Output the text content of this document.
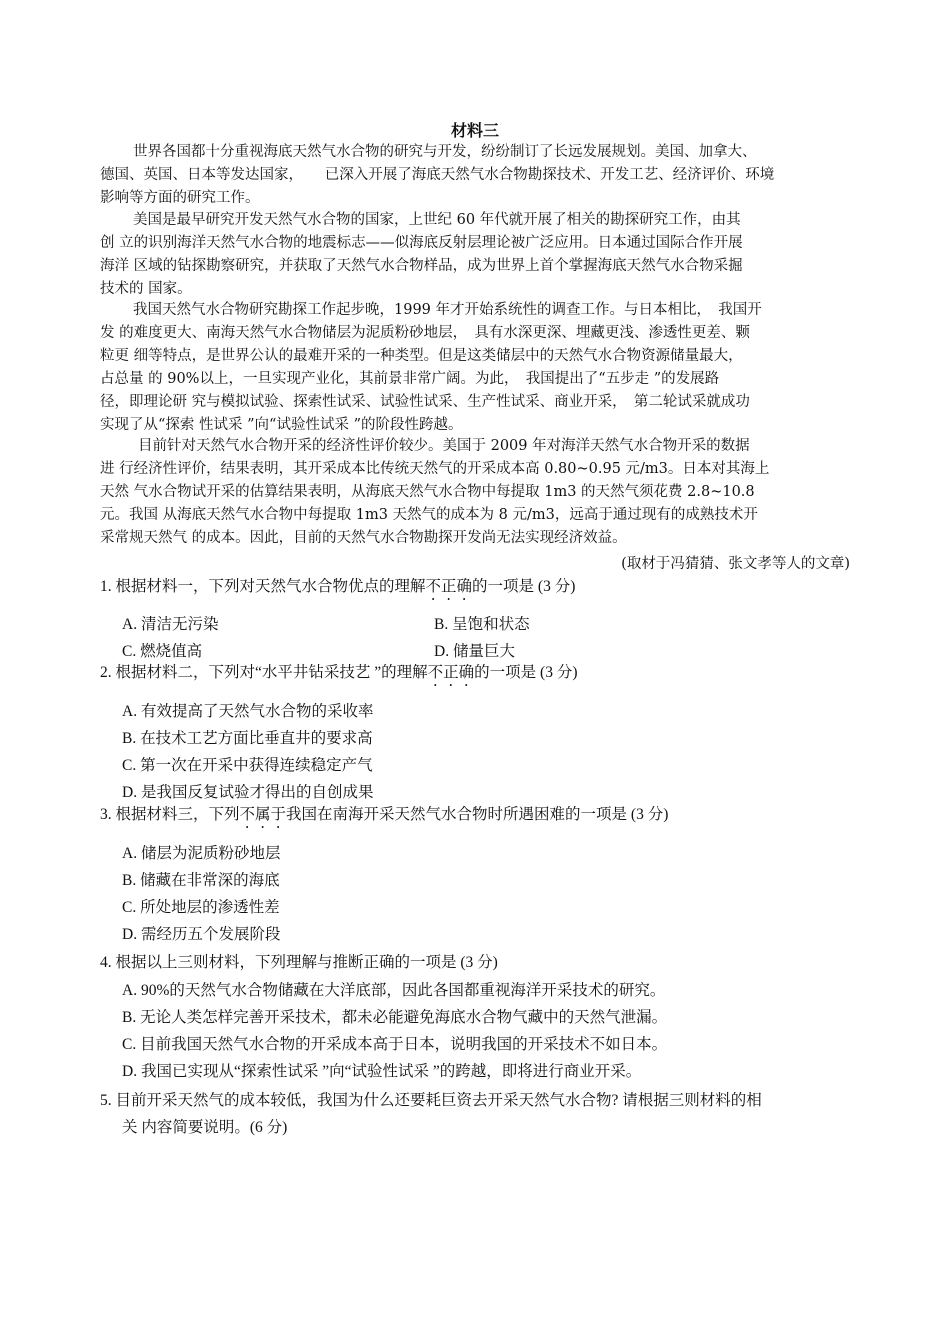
材料三
世界各国都十分重视海底天然气水合物的研究与开发，纷纷制订了长远发展规划。美国、加拿大、
德国、英国、日本等发达国家，　　已深入开展了海底天然气水合物勘探技术、开发工艺、经济评价、环境
影响等方面的研究工作。
美国是最早研究开发天然气水合物的国家，上世纪 60 年代就开展了相关的勘探研究工作，由其
创 立的识别海洋天然气水合物的地震标志——似海底反射层理论被广泛应用。日本通过国际合作开展
海洋 区域的钻探勘察研究，并获取了天然气水合物样品，成为世界上首个掌握海底天然气水合物采掘
技术的 国家。
我国天然气水合物研究勘探工作起步晚，1999 年才开始系统性的调查工作。与日本相比，　我国开
发 的难度更大、南海天然气水合物储层为泥质粉砂地层，　具有水深更深、埋藏更浅、渗透性更差、颗
粒更 细等特点，是世界公认的最难开采的一种类型。但是这类储层中的天然气水合物资源储量最大，
占总量 的 90%以上，一旦实现产业化，其前景非常广阔。为此，　我国提出了“五步走 ”的发展路
径，即理论研 究与模拟试验、探索性试采、试验性试采、生产性试采、商业开采，　第二轮试采就成功
实现了从“探索 性试采 ”向“试验性试采 ”的阶段性跨越。
目前针对天然气水合物开采的经济性评价较少。美国于 2009 年对海洋天然气水合物开采的数据
进 行经济性评价，结果表明，其开采成本比传统天然气的开采成本高 0.80~0.95 元/m3。日本对其海上
天然 气水合物试开采的估算结果表明，从海底天然气水合物中每提取 1m3 的天然气须花费 2.8~10.8
元。我国 从海底天然气水合物中每提取 1m3 天然气的成本为 8 元/m3，远高于通过现有的成熟技术开
采常规天然气 的成本。因此，目前的天然气水合物勘探开发尚无法实现经济效益。
(取材于冯猜猜、张文孝等人的文章)
1. 根据材料一，下列对天然气水合物优点的理解不正确的一项是 (3 分)
A. 清洁无污染	B. 呈饱和状态
C. 燃烧值高	D. 储量巨大
2. 根据材料二，下列对“水平井钻采技艺 ”的理解不正确的一项是 (3 分)
A. 有效提高了天然气水合物的采收率
B. 在技术工艺方面比垂直井的要求高
C. 第一次在开采中获得连续稳定产气
D. 是我国反复试验才得出的自创成果
3. 根据材料三，下列不属于我国在南海开采天然气水合物时所遇困难的一项是 (3 分)
A. 储层为泥质粉砂地层
B. 储藏在非常深的海底
C. 所处地层的渗透性差
D. 需经历五个发展阶段
4. 根据以上三则材料，下列理解与推断正确的一项是 (3 分)
A. 90%的天然气水合物储藏在大洋底部，因此各国都重视海洋开采技术的研究。
B. 无论人类怎样完善开采技术，都未必能避免海底水合物气藏中的天然气泄漏。
C. 目前我国天然气水合物的开采成本高于日本，说明我国的开采技术不如日本。
D. 我国已实现从“探索性试采 ”向“试验性试采 ”的跨越，即将进行商业开采。
5. 目前开采天然气的成本较低，我国为什么还要耗巨资去开采天然气水合物? 请根据三则材料的相
关 内容简要说明。(6 分)
